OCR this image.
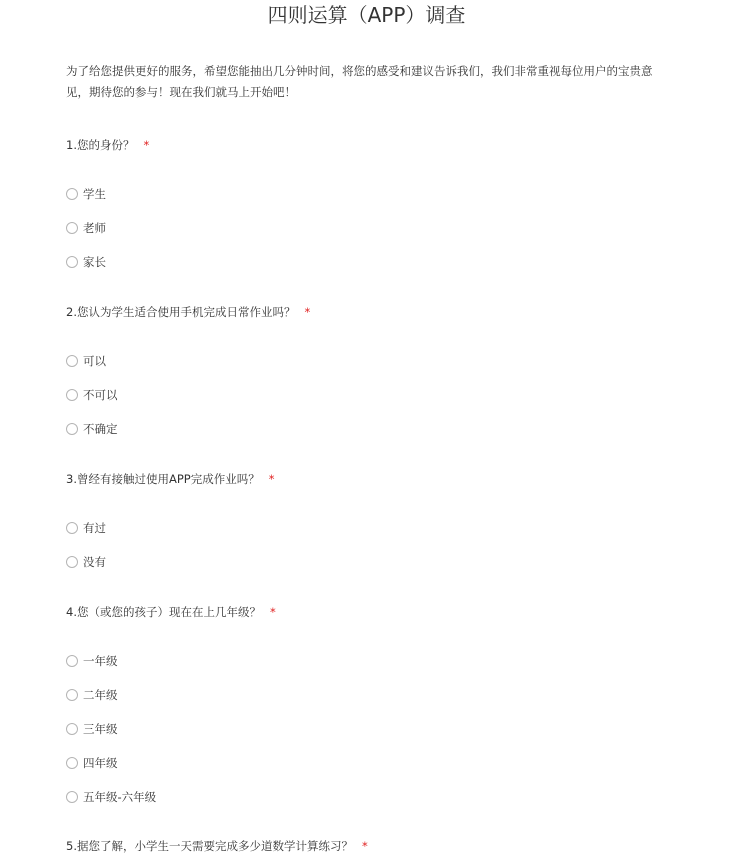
四则运算（APP）调查
为了给您提供更好的服务，希望您能抽出几分钟时间，将您的感受和建议告诉我们，我们非常重视每位用户的宝贵意见，期待您的参与！现在我们就马上开始吧！
1.您的身份？ *
学生
老师
家长
2.您认为学生适合使用手机完成日常作业吗？ *
可以
不可以
不确定
3.曾经有接触过使用APP完成作业吗？ *
有过
没有
4.您（或您的孩子）现在在上几年级？ *
一年级
二年级
三年级
四年级
五年级-六年级
5.据您了解，小学生一天需要完成多少道数学计算练习？ *
